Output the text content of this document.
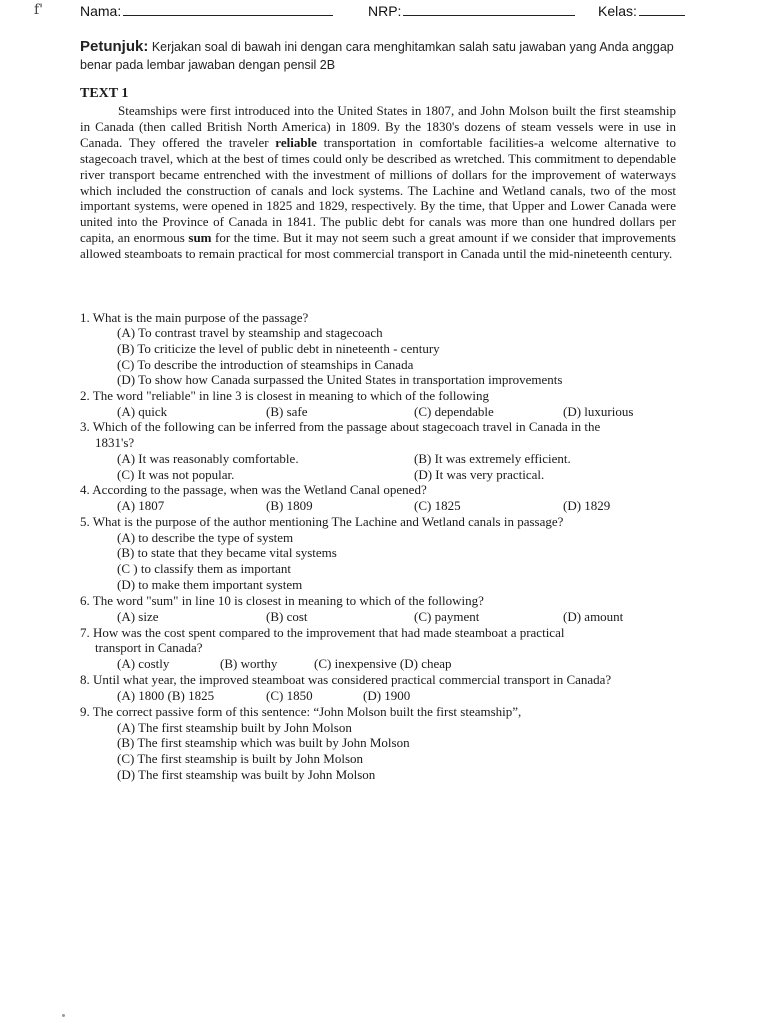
f'	Nama:	NRP:	Kelas:
Petunjuk: Kerjakan soal di bawah ini dengan cara menghitamkan salah satu jawaban yang Anda anggap benar pada lembar jawaban dengan pensil 2B
TEXT 1

Steamships were first introduced into the United States in 1807, and John Molson built the first steamship in Canada (then called British North America) in 1809. By the 1830's dozens of steam vessels were in use in Canada. They offered the traveler reliable transportation in comfortable facilities-a welcome alternative to stagecoach travel, which at the best of times could only be described as wretched. This commitment to dependable river transport became entrenched with the investment of millions of dollars for the improvement of waterways which included the construction of canals and lock systems. The Lachine and Wetland canals, two of the most important systems, were opened in 1825 and 1829, respectively. By the time, that Upper and Lower Canada were united into the Province of Canada in 1841. The public debt for canals was more than one hundred dollars per capita, an enormous sum for the time. But it may not seem such a great amount if we consider that improvements allowed steamboats to remain practical for most commercial transport in Canada until the mid-nineteenth century.

1. What is the main purpose of the passage?
(A) To contrast travel by steamship and stagecoach
(B) To criticize the level of public debt in nineteenth - century
(C) To describe the introduction of steamships in Canada
(D) To show how Canada surpassed the United States in transportation improvements
2. The word "reliable" in line 3 is closest in meaning to which of the following
(A) quick	(B) safe	(C) dependable	(D) luxurious
3. Which of the following can be inferred from the passage about stagecoach travel in Canada in the
1831's?
(A) It was reasonably comfortable.	(B) It was extremely efficient.
(C) It was not popular.	(D) It was very practical.
4. According to the passage, when was the Wetland Canal opened?
(A) 1807	(B) 1809	(C) 1825	(D) 1829
5. What is the purpose of the author mentioning The Lachine and Wetland canals in passage?
(A) to describe the type of system
(B) to state that they became vital systems
(C ) to classify them as important
(D) to make them important system
6. The word "sum" in line 10 is closest in meaning to which of the following?
(A) size	(B) cost	(C) payment	(D) amount
7. How was the cost spent compared to the improvement that had made steamboat a practical
transport in Canada?
(A) costly	(B) worthy	(C) inexpensive (D) cheap
8. Until what year, the improved steamboat was considered practical commercial transport in Canada?
(A) 1800 (B) 1825	(C) 1850	(D) 1900
9. The correct passive form of this sentence: “John Molson built the first steamship”,
(A) The first steamship built by John Molson
(B) The first steamship which was built by John Molson
(C) The first steamship is built by John Molson
(D) The first steamship was built by John Molson
